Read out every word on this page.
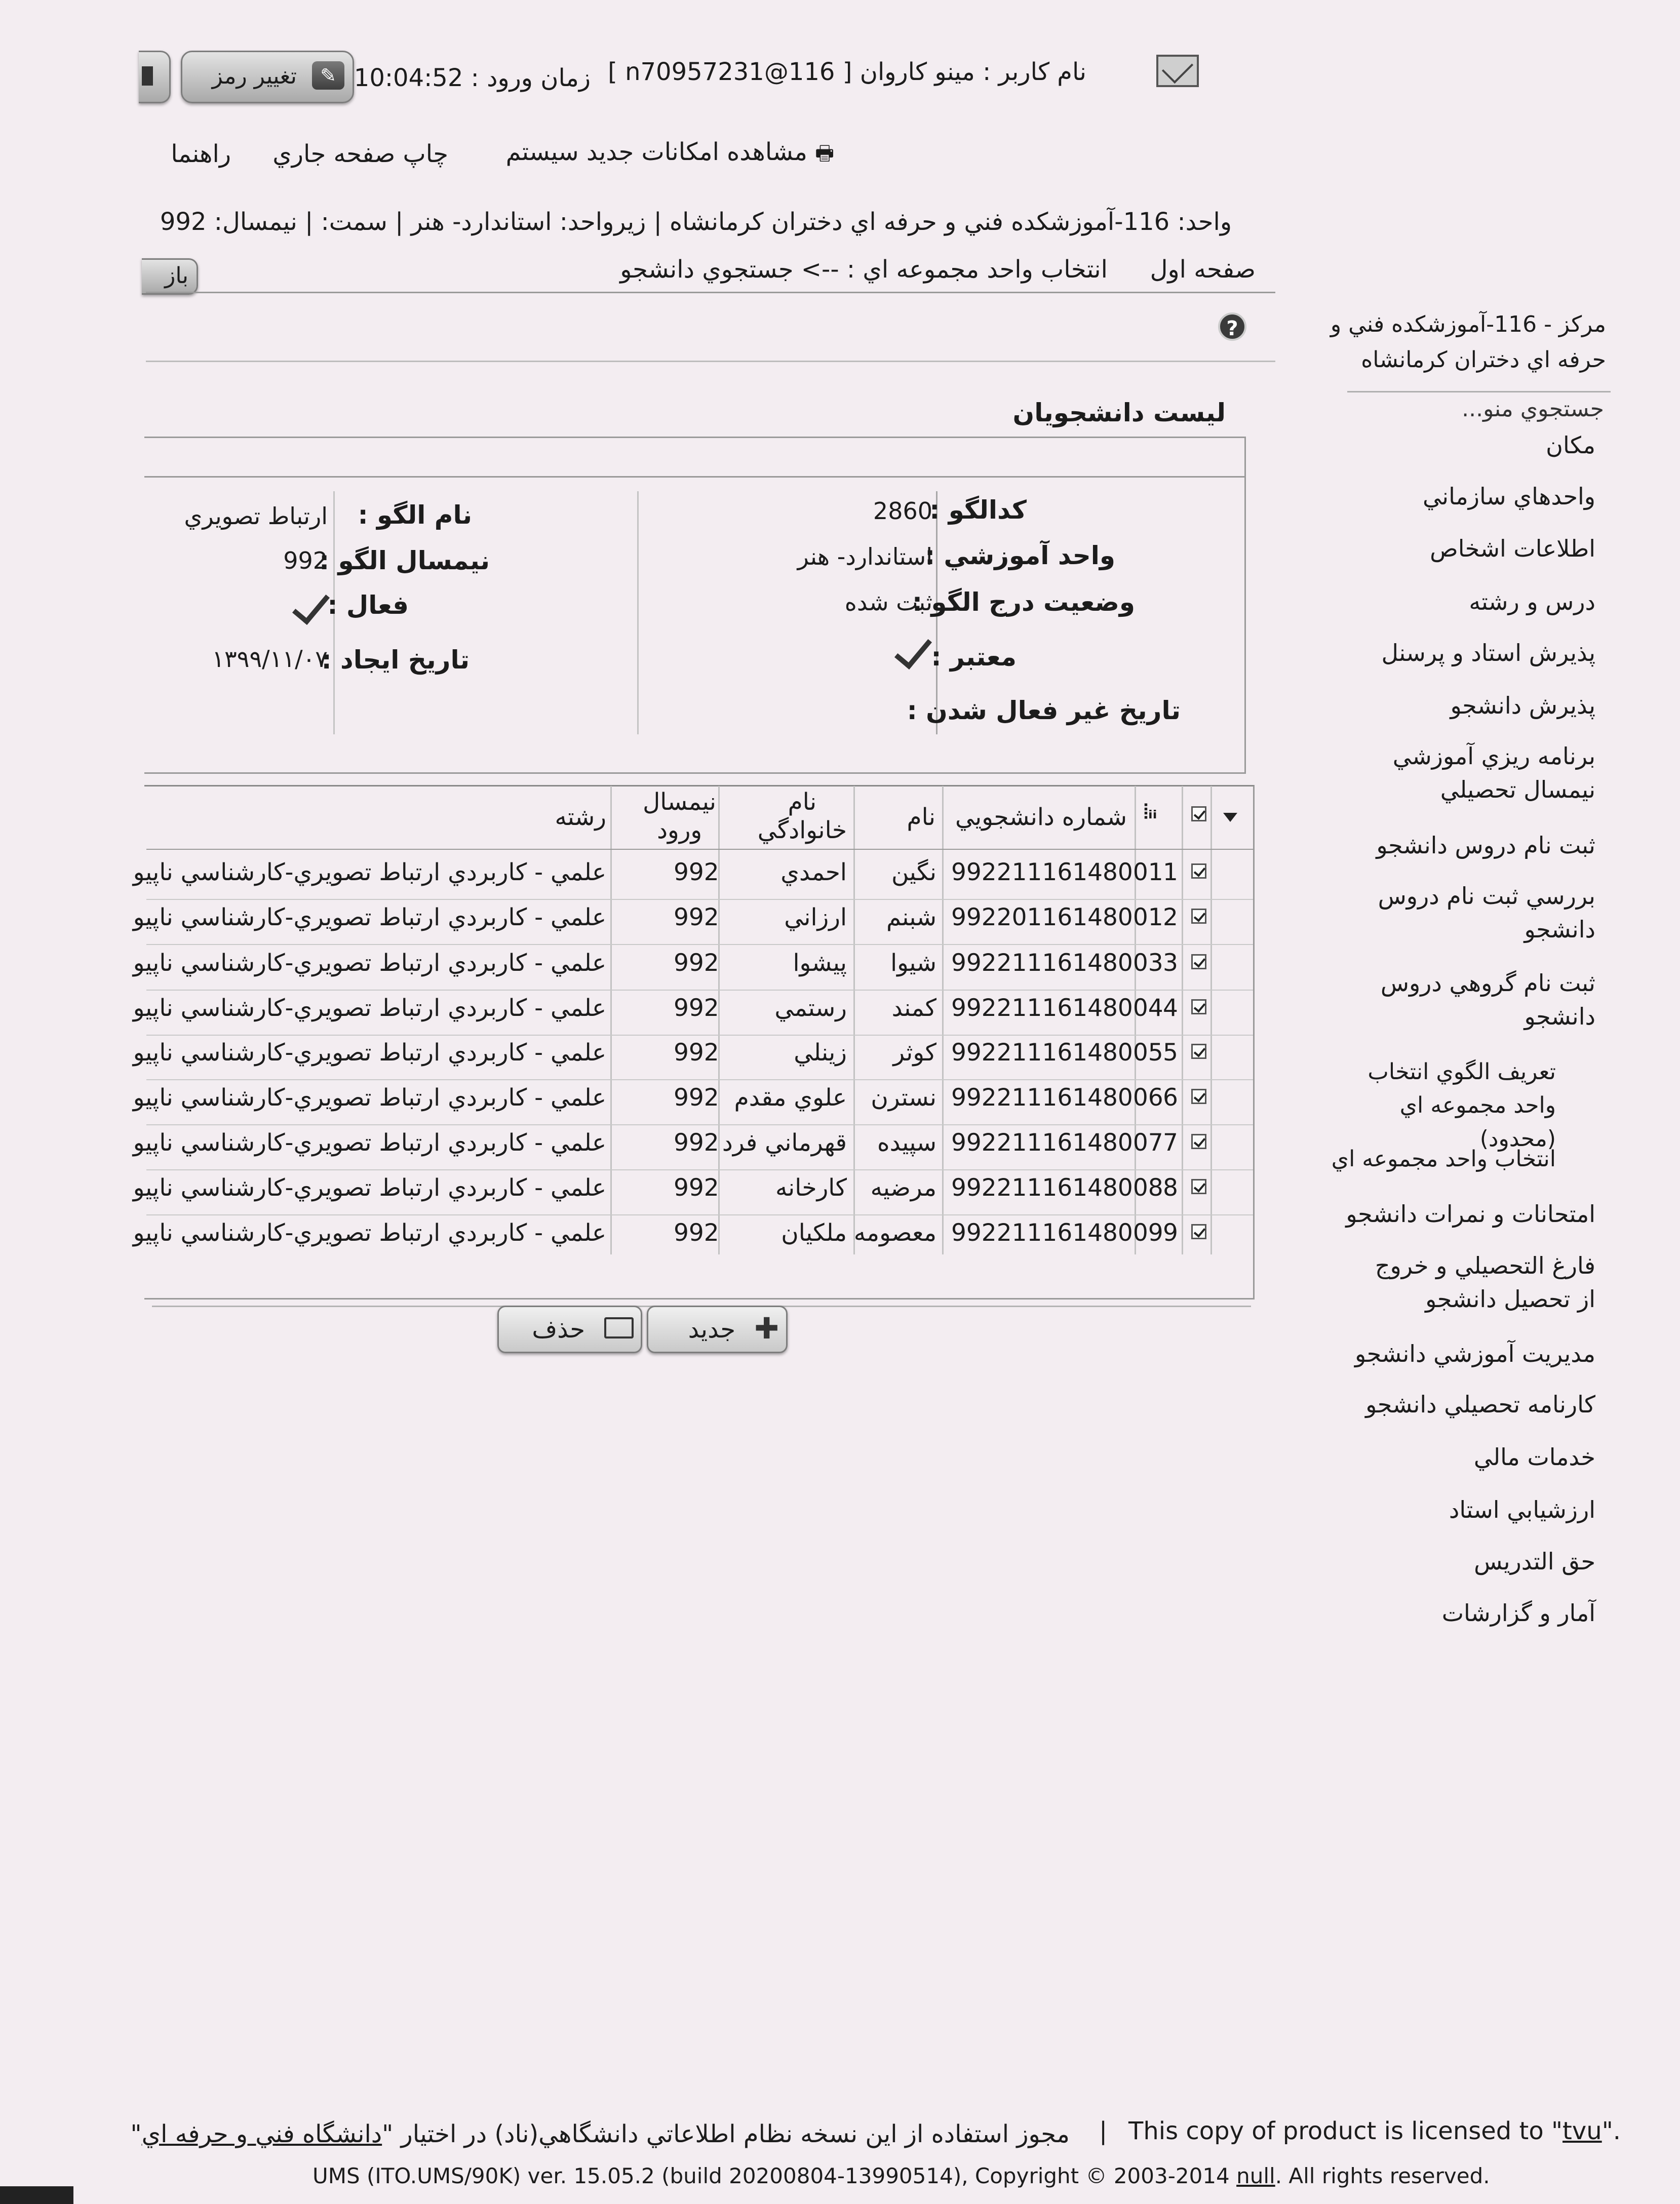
نام کاربر : مینو کاروان [ n70957231@116 ]
زمان ورود : 10:04:52
✎
تغییر رمز
🖶 مشاهده امکانات جدید سیستم
چاپ صفحه جاري
راهنما
واحد: 116-آموزشکده فني و حرفه اي دختران کرمانشاه | زيرواحد: استاندارد- هنر | سمت: | نيمسال: 992
صفحه اول
انتخاب واحد مجموعه اي : --> جستجوي دانشجو
باز
?	مرکز - 116-آموزشکده فني و حرفه اي دختران کرمانشاه
جستجوي منو...
مکان
واحدهاي سازماني
اطلاعات اشخاص
درس و رشته
پذيرش استاد و پرسنل
پذيرش دانشجو
برنامه ريزي آموزشي نيمسال تحصيلي
ثبت نام دروس دانشجو
بررسي ثبت نام دروس دانشجو
ثبت نام گروهي دروس دانشجو
تعريف الگوي انتخاب واحد مجموعه اي (محدود)
انتخاب واحد مجموعه اي
امتحانات و نمرات دانشجو
فارغ التحصيلي و خروج از تحصيل دانشجو
مديريت آموزشي دانشجو
کارنامه تحصيلي دانشجو
خدمات مالي
ارزشيابي استاد
حق التدريس
آمار و گزارشات
ليست دانشجويان
کدالگو :
2860
واحد آموزشي :
استاندارد- هنر
وضعيت درج الگو :
ثبت شده
معتبر :
تاريخ غير فعال شدن :
نام الگو :
ارتباط تصويري
نيمسال الگو :
992
فعال :
تاريخ ايجاد :
۱۳۹۹/۱۱/۰۷
⦙ᵢᵢ
شماره دانشجويي
نام
نام
خانوادگي
نيمسال
ورود
رشته
1
99221116148001
نگين
احمدي
992
علمي - کاربردي ارتباط تصويري-کارشناسي ناپيو
2
99220116148001
شبنم
ارزاني
992
علمي - کاربردي ارتباط تصويري-کارشناسي ناپيو
3
99221116148003
شيوا
پيشوا
992
علمي - کاربردي ارتباط تصويري-کارشناسي ناپيو
4
99221116148004
کمند
رستمي
992
علمي - کاربردي ارتباط تصويري-کارشناسي ناپيو
5
99221116148005
کوثر
زينلي
992
علمي - کاربردي ارتباط تصويري-کارشناسي ناپيو
6
99221116148006
نسترن
علوي مقدم
992
علمي - کاربردي ارتباط تصويري-کارشناسي ناپيو
7
99221116148007
سپيده
قهرماني فرد
992
علمي - کاربردي ارتباط تصويري-کارشناسي ناپيو
8
99221116148008
مرضيه
کارخانه
992
علمي - کاربردي ارتباط تصويري-کارشناسي ناپيو
9
99221116148009
معصومه
ملکيان
992
علمي - کاربردي ارتباط تصويري-کارشناسي ناپيو
✚
جديد
حذف
This copy of product is licensed to "tvu".
|
مجوز استفاده از اين نسخه نظام اطلاعاتي دانشگاهي(ناد) در اختيار "دانشگاه فني و حرفه اي"
UMS (ITO.UMS/90K) ver. 15.05.2 (build 20200804-13990514), Copyright © 2003-2014 null. All rights reserved.
